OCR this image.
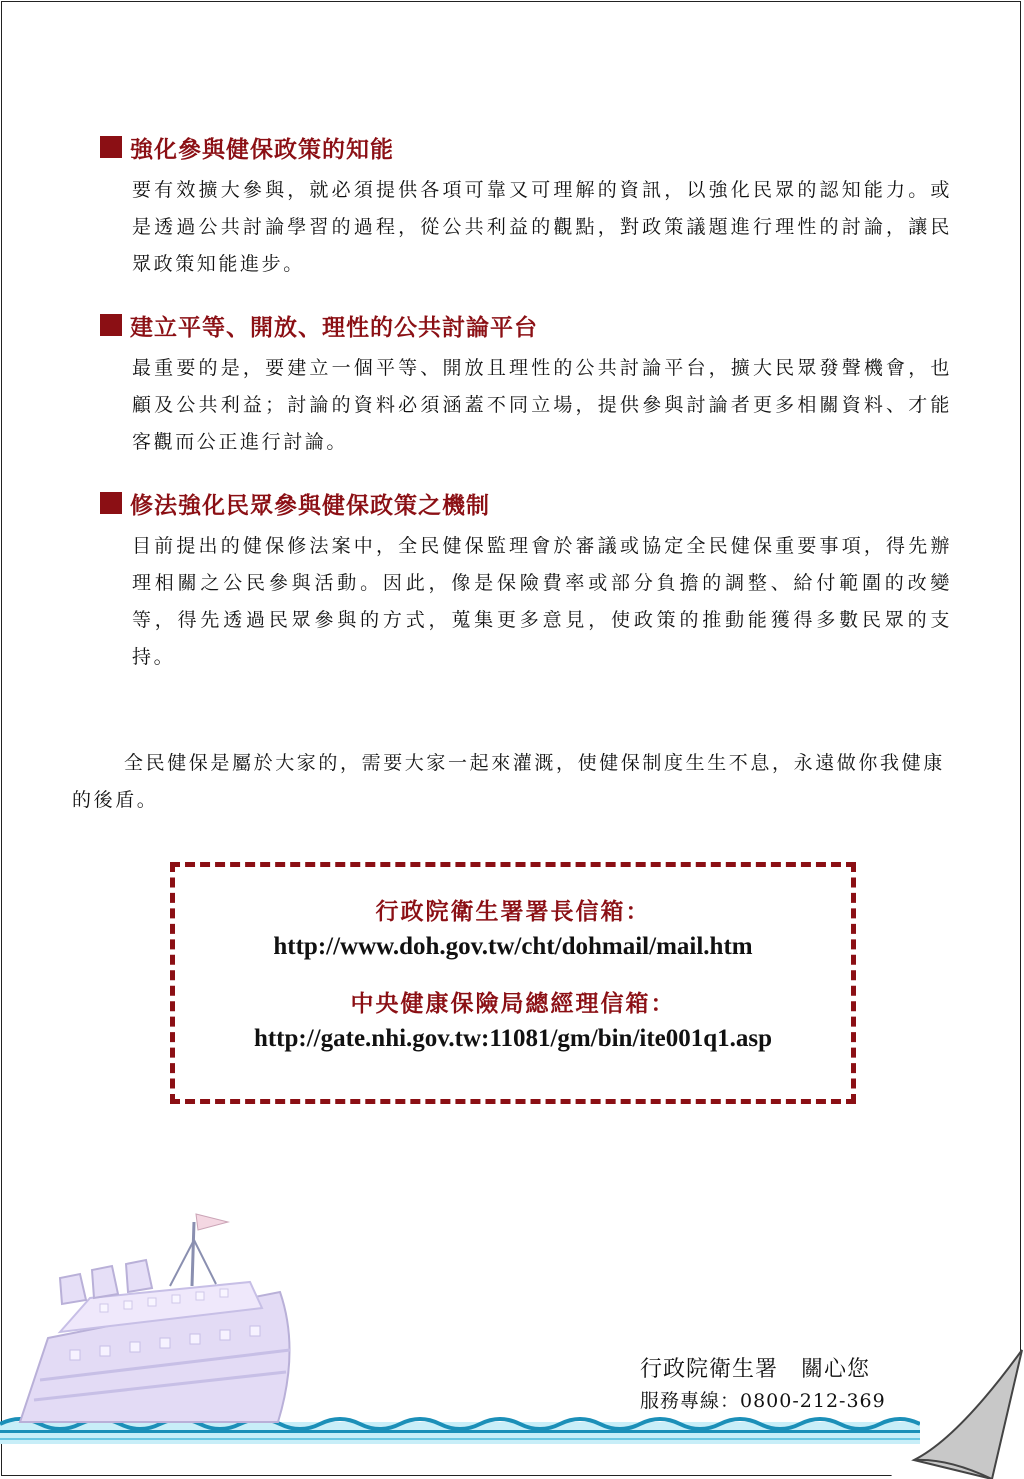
強化參與健保政策的知能
要有效擴大參與，就必須提供各項可靠又可理解的資訊，以強化民眾的認知能力。或是透過公共討論學習的過程，從公共利益的觀點，對政策議題進行理性的討論，讓民眾政策知能進步。
建立平等、開放、理性的公共討論平台
最重要的是，要建立一個平等、開放且理性的公共討論平台，擴大民眾發聲機會，也顧及公共利益；討論的資料必須涵蓋不同立場，提供參與討論者更多相關資料、才能客觀而公正進行討論。
修法強化民眾參與健保政策之機制
目前提出的健保修法案中，全民健保監理會於審議或協定全民健保重要事項，得先辦理相關之公民參與活動。因此，像是保險費率或部分負擔的調整、給付範圍的改變等，得先透過民眾參與的方式，蒐集更多意見，使政策的推動能獲得多數民眾的支持。
全民健保是屬於大家的，需要大家一起來灌溉，使健保制度生生不息，永遠做你我健康的後盾。
行政院衛生署署長信箱：
http://www.doh.gov.tw/cht/dohmail/mail.htm
中央健康保險局總經理信箱：
http://gate.nhi.gov.tw:11081/gm/bin/ite001q1.asp
行政院衛生署　關心您
服務專線：0800-212-369
